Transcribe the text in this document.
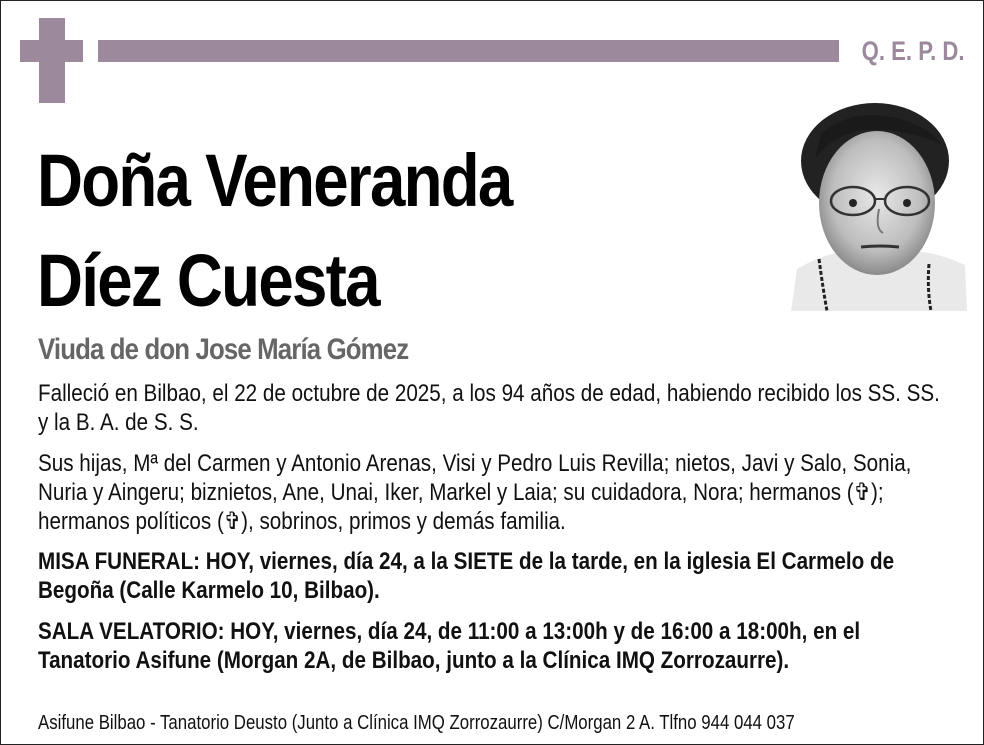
Q. E. P. D.
Doña Veneranda
Díez Cuesta
Viuda de don Jose María Gómez
Falleció en Bilbao, el 22 de octubre de 2025, a los 94 años de edad, habiendo recibido los SS. SS. y la B. A. de S. S.
Sus hijas, Mª del Carmen y Antonio Arenas, Visi y Pedro Luis Revilla; nietos, Javi y Salo, Sonia, Nuria y Aingeru; biznietos, Ane, Unai, Iker, Markel y Laia; su cuidadora, Nora; hermanos (✞); hermanos políticos (✞), sobrinos, primos y demás familia.
MISA FUNERAL: HOY, viernes, día 24, a la SIETE de la tarde, en la iglesia El Carmelo de Begoña (Calle Karmelo 10, Bilbao).
SALA VELATORIO: HOY, viernes, día 24, de 11:00 a 13:00h y de 16:00 a 18:00h, en el Tanatorio Asifune (Morgan 2A, de Bilbao, junto a la Clínica IMQ Zorrozaurre).
Asifune Bilbao - Tanatorio Deusto (Junto a Clínica IMQ Zorrozaurre) C/Morgan 2 A. Tlfno 944 044 037
